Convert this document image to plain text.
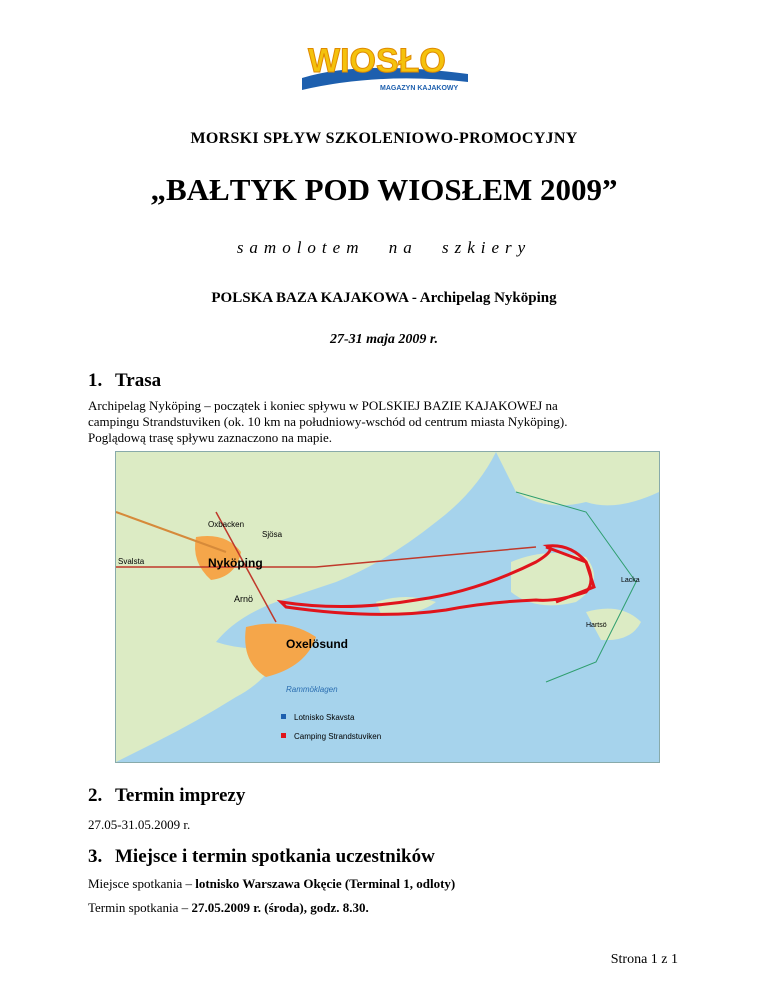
WIOSŁO
MAGAZYN KAJAKOWY
MORSKI SPŁYW SZKOLENIOWO-PROMOCYJNY
„BAŁTYK POD WIOSŁEM 2009”
samolotem na szkiery
POLSKA BAZA KAJAKOWA - Archipelag Nyköping
27-31 maja 2009 r.
1. Trasa
Archipelag Nyköping – początek i koniec spływu w POLSKIEJ BAZIE KAJAKOWEJ na
campingu Strandstuviken (ok. 10 km na południowy-wschód od centrum miasta Nyköping).
Poglądową trasę spływu zaznaczono na mapie.
Nyköping
Oxelösund
Oxbacken
Sjösa
Arnö
Svalsta
Lacka
Hartsö
Rammöklagen
Lotnisko Skavsta
Camping Strandstuviken
2. Termin imprezy
27.05-31.05.2009 r.
3. Miejsce i termin spotkania uczestników
Miejsce spotkania – lotnisko Warszawa Okęcie (Terminal 1, odloty)
Termin spotkania – 27.05.2009 r. (środa), godz. 8.30.
Strona 1 z 1
